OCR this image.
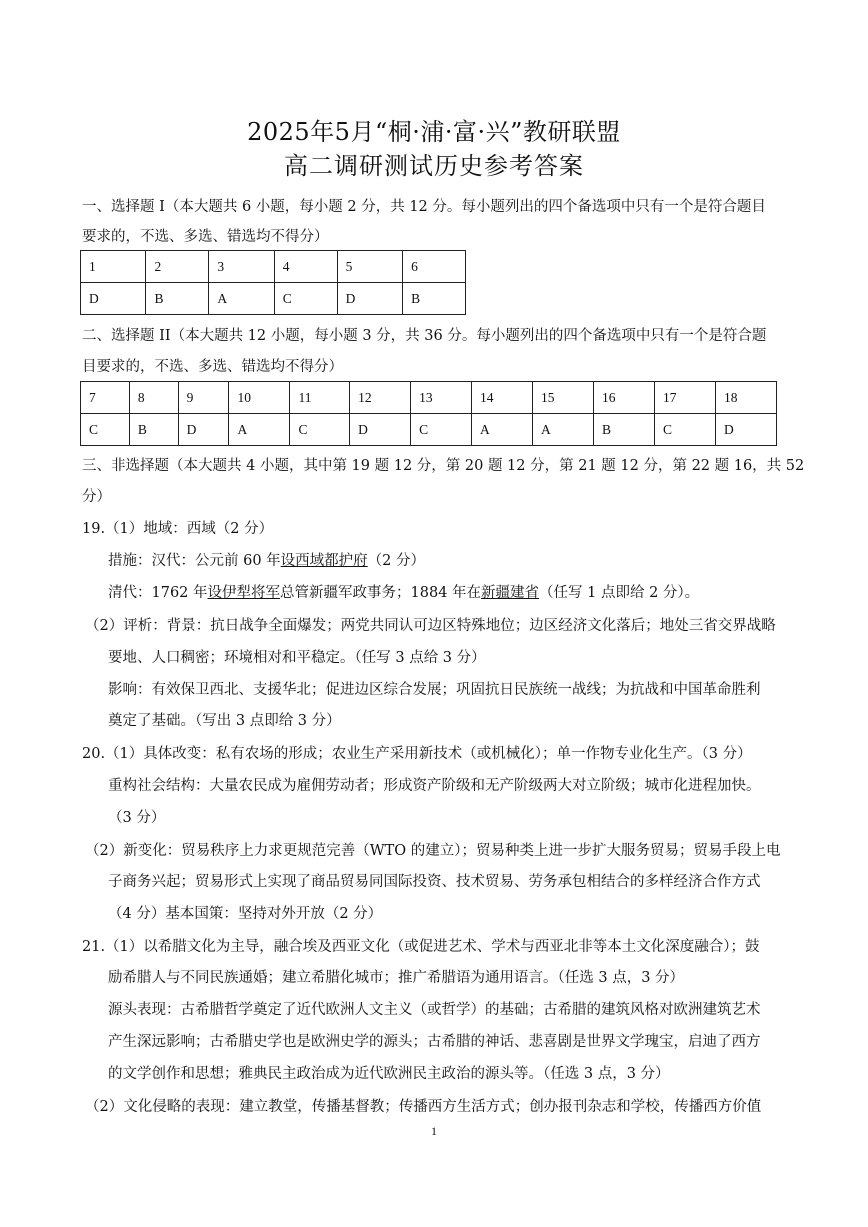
2025年5月“桐·浦·富·兴”教研联盟
高二调研测试历史参考答案
一、选择题 I（本大题共 6 小题，每小题 2 分，共 12 分。每小题列出的四个备选项中只有一个是符合题目
要求的，不选、多选、错选均不得分）
1	2	3	4	5	6
D	B	A	C	D	B
二、选择题 II（本大题共 12 小题，每小题 3 分，共 36 分。每小题列出的四个备选项中只有一个是符合题
目要求的，不选、多选、错选均不得分）
7	8	9	10	11	12	13	14	15	16	17	18
C	B	D	A	C	D	C	A	A	B	C	D
三、非选择题（本大题共 4 小题，其中第 19 题 12 分，第 20 题 12 分，第 21 题 12 分，第 22 题 16，共 52
分）
19.（1）地域：西域（2 分）
措施：汉代：公元前 60 年设西域都护府（2 分）
清代：1762 年设伊犁将军总管新疆军政事务；1884 年在新疆建省（任写 1 点即给 2 分）。
（2）评析：背景：抗日战争全面爆发；两党共同认可边区特殊地位；边区经济文化落后；地处三省交界战略
要地、人口稠密；环境相对和平稳定。（任写 3 点给 3 分）
影响：有效保卫西北、支援华北；促进边区综合发展；巩固抗日民族统一战线；为抗战和中国革命胜利
奠定了基础。（写出 3 点即给 3 分）
20.（1）具体改变：私有农场的形成；农业生产采用新技术（或机械化）；单一作物专业化生产。（3 分）
重构社会结构：大量农民成为雇佣劳动者；形成资产阶级和无产阶级两大对立阶级；城市化进程加快。
（3 分）
（2）新变化：贸易秩序上力求更规范完善（WTO 的建立）；贸易种类上进一步扩大服务贸易；贸易手段上电
子商务兴起；贸易形式上实现了商品贸易同国际投资、技术贸易、劳务承包相结合的多样经济合作方式
（4 分）基本国策：坚持对外开放（2 分）
21.（1）以希腊文化为主导，融合埃及西亚文化（或促进艺术、学术与西亚北非等本土文化深度融合）；鼓
励希腊人与不同民族通婚；建立希腊化城市；推广希腊语为通用语言。（任选 3 点，3 分）
源头表现：古希腊哲学奠定了近代欧洲人文主义（或哲学）的基础；古希腊的建筑风格对欧洲建筑艺术
产生深远影响；古希腊史学也是欧洲史学的源头；古希腊的神话、悲喜剧是世界文学瑰宝，启迪了西方
的文学创作和思想；雅典民主政治成为近代欧洲民主政治的源头等。（任选 3 点，3 分）
（2）文化侵略的表现：建立教堂，传播基督教；传播西方生活方式；创办报刊杂志和学校，传播西方价值
1
